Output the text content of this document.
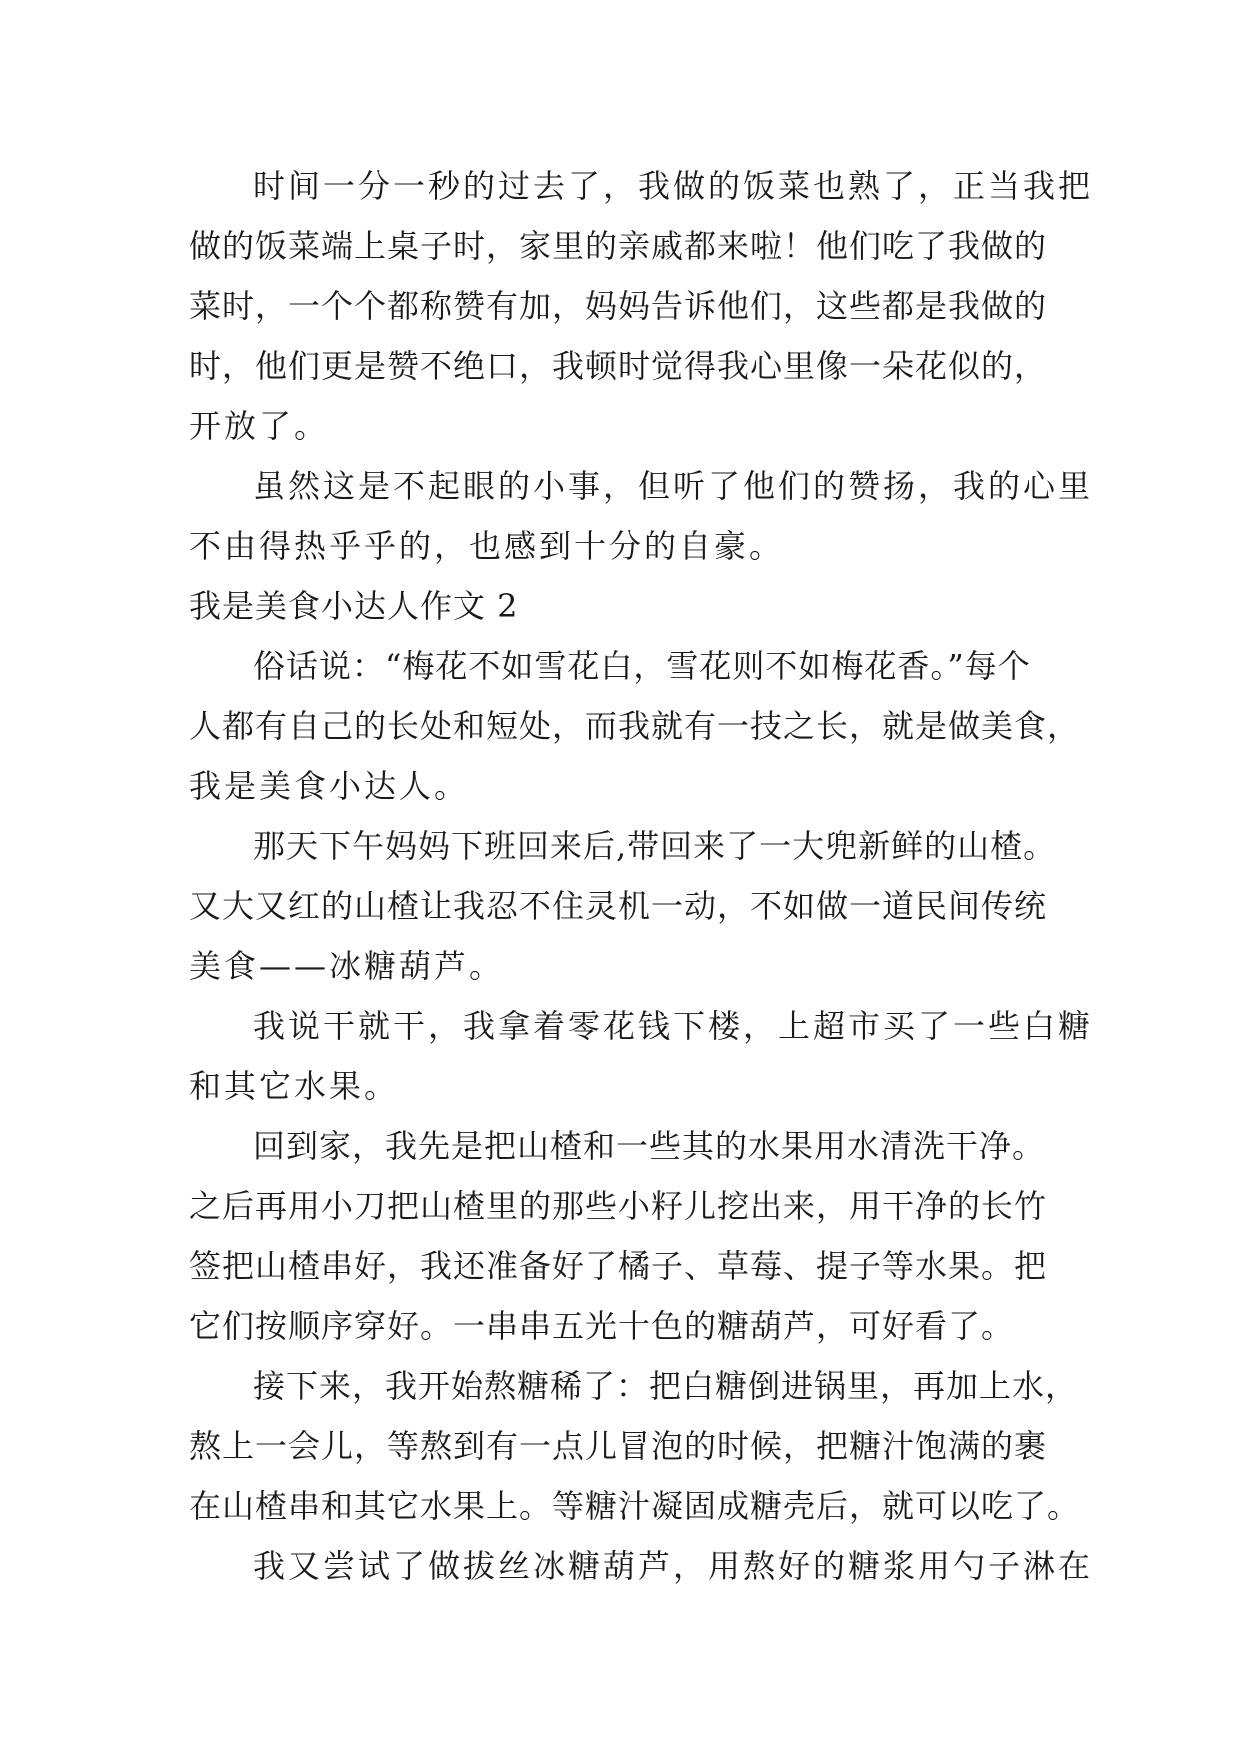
时间一分一秒的过去了，我做的饭菜也熟了，正当我把
做的饭菜端上桌子时，家里的亲戚都来啦！他们吃了我做的
菜时，一个个都称赞有加，妈妈告诉他们，这些都是我做的
时，他们更是赞不绝口，我顿时觉得我心里像一朵花似的，
开放了。
虽然这是不起眼的小事，但听了他们的赞扬，我的心里
不由得热乎乎的，也感到十分的自豪。
我是美食小达人作文 2
俗话说：“梅花不如雪花白，雪花则不如梅花香。”每个
人都有自己的长处和短处，而我就有一技之长，就是做美食，
我是美食小达人。
那天下午妈妈下班回来后,带回来了一大兜新鲜的山楂。
又大又红的山楂让我忍不住灵机一动，不如做一道民间传统
美食——冰糖葫芦。
我说干就干，我拿着零花钱下楼，上超市买了一些白糖
和其它水果。
回到家，我先是把山楂和一些其的水果用水清洗干净。
之后再用小刀把山楂里的那些小籽儿挖出来，用干净的长竹
签把山楂串好，我还准备好了橘子、草莓、提子等水果。把
它们按顺序穿好。一串串五光十色的糖葫芦，可好看了。
接下来，我开始熬糖稀了：把白糖倒进锅里，再加上水，
熬上一会儿，等熬到有一点儿冒泡的时候，把糖汁饱满的裹
在山楂串和其它水果上。等糖汁凝固成糖壳后，就可以吃了。
我又尝试了做拔丝冰糖葫芦，用熬好的糖浆用勺子淋在
